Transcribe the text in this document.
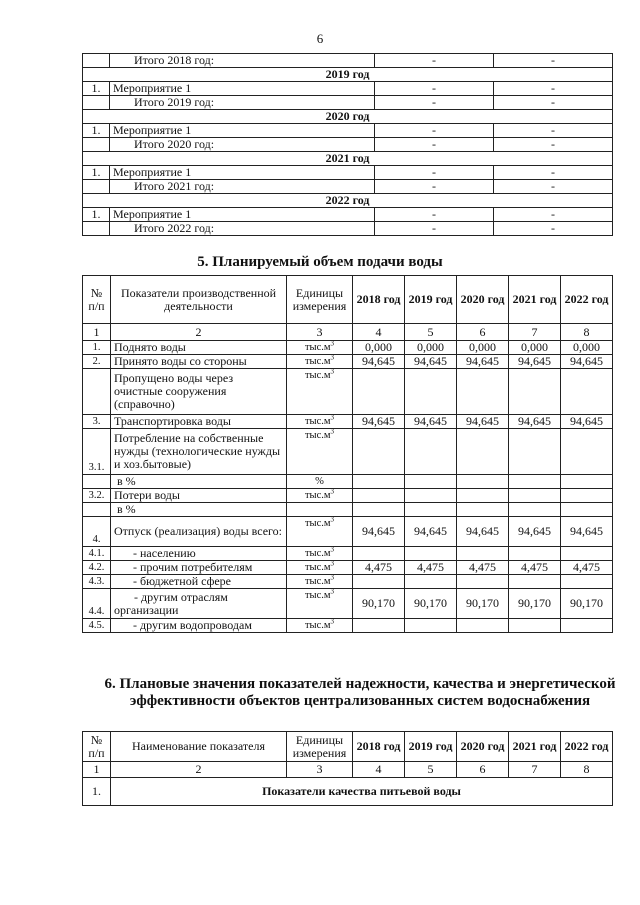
6
	Итого 2018 год:	-	-
2019 год			
1.	Мероприятие 1	-	-
	Итого 2019 год:	-	-
2020 год			
1.	Мероприятие 1	-	-
	Итого 2020 год:	-	-
2021 год			
1.	Мероприятие 1	-	-
	Итого 2021 год:	-	-
2022 год			
1.	Мероприятие 1	-	-
	Итого 2022 год:	-	-
5. Планируемый объем подачи воды
№ п/п	Показатели производственной деятельности	Единицы измерения	2018 год	2019 год	2020 год	2021 год	2022 год
1	2	3	4	5	6	7	8
1.	Поднято воды	$тыс.м^3$	0,000	0,000	0,000	0,000	0,000
2.	Принято воды со стороны	$тыс.м^3$	94,645	94,645	94,645	94,645	94,645
	Пропущено воды через очистные сооружения (справочно)	$тыс.м^3$					
3.	Транспортировка воды	$тыс.м^3$	94,645	94,645	94,645	94,645	94,645
3.1.	Потребление на собственные нужды (технологические нужды и хоз.бытовые)	$тыс.м^3$					
	в %	%					
3.2.	Потери воды	$тыс.м^3$					
	в %						
4.	Отпуск (реализация) воды всего:	$тыс.м^3$	94,645	94,645	94,645	94,645	94,645
4.1.	- населению	$тыс.м^3$					
4.2.	- прочим потребителям	$тыс.м^3$	4,475	4,475	4,475	4,475	4,475
4.3.	- бюджетной сфере	$тыс.м^3$					
4.4.	- другим отраслям организации	$тыс.м^3$	90,170	90,170	90,170	90,170	90,170
4.5.	- другим водопроводам	$тыс.м^3$					
6. Плановые значения показателей надежности, качества и энергетической эффективности объектов централизованных систем водоснабжения
№ п/п	Наименование показателя	Единицы измерения	2018 год	2019 год	2020 год	2021 год	2022 год
1	2	3	4	5	6	7	8
1.	Показатели качества питьевой воды						
